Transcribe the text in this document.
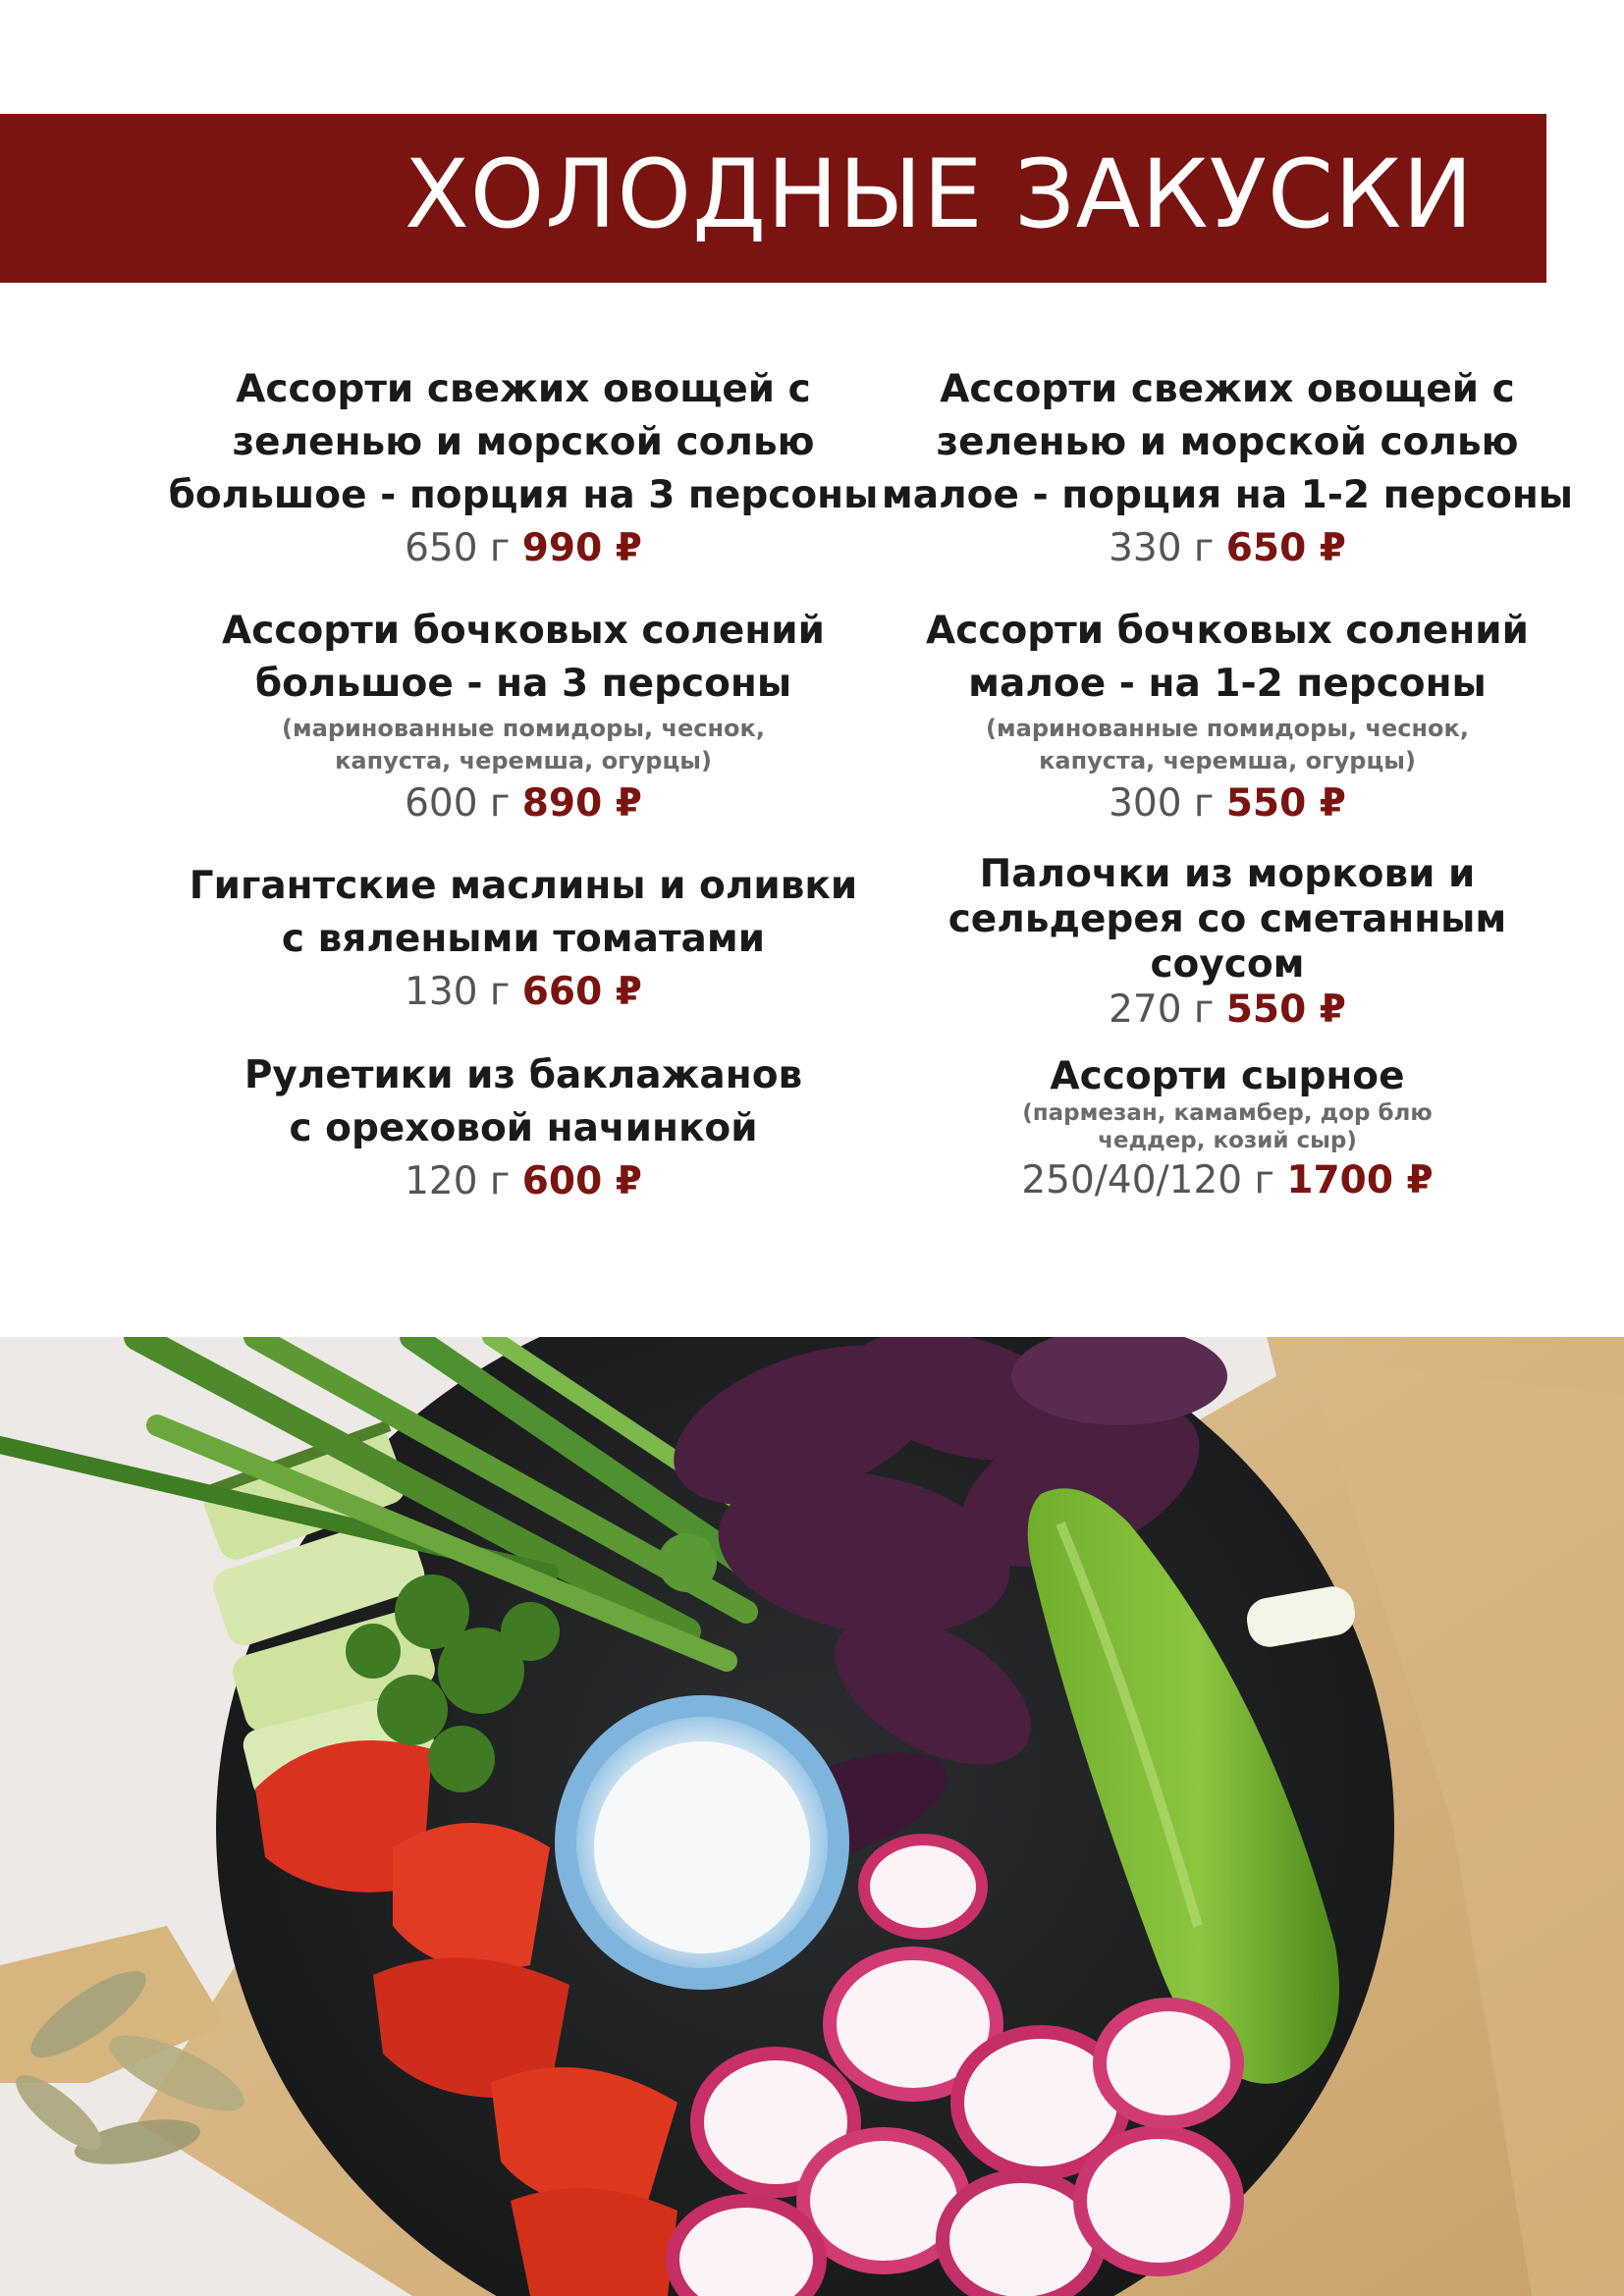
ХОЛОДНЫЕ ЗАКУСКИ
Ассорти свежих овощей с
зеленью и морской солью
большое - порция на 3 персоны
650 г 990 ₽
Ассорти бочковых солений
большое - на 3 персоны
(маринованные помидоры, чеснок,
капуста, черемша, огурцы)
600 г 890 ₽
Гигантские маслины и оливки
с вялеными томатами
130 г 660 ₽
Рулетики из баклажанов
с ореховой начинкой
120 г 600 ₽
Ассорти свежих овощей с
зеленью и морской солью
малое - порция на 1-2 персоны
330 г 650 ₽
Ассорти бочковых солений
малое - на 1-2 персоны
(маринованные помидоры, чеснок,
капуста, черемша, огурцы)
300 г 550 ₽
Палочки из моркови и
сельдерея со сметанным
соусом
270 г 550 ₽
Ассорти сырное
(пармезан, камамбер, дор блю
чеддер, козий сыр)
250/40/120 г 1700 ₽
